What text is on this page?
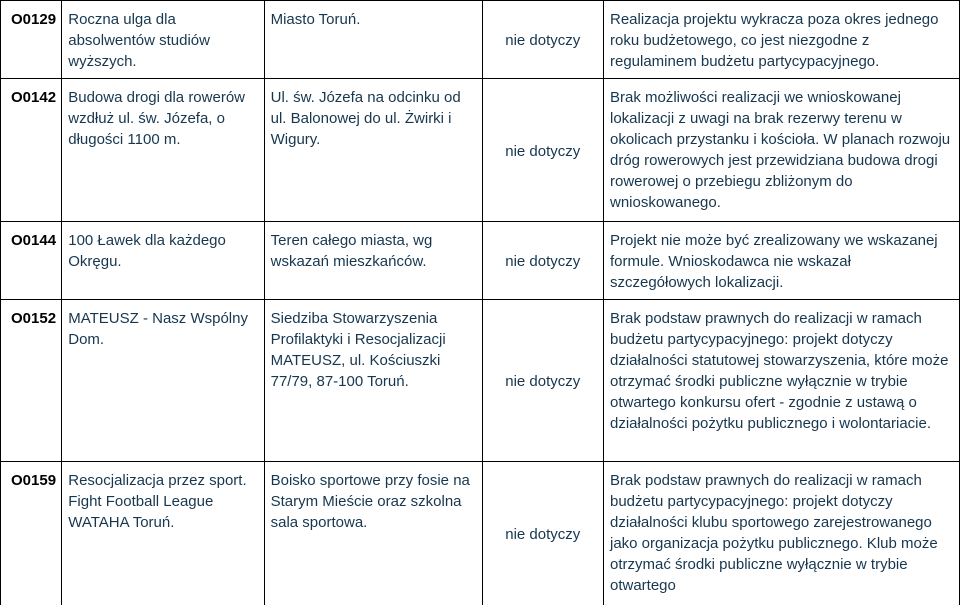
O0129	Roczna ulga dla absolwentów studiów wyższych.	Miasto Toruń.	nie dotyczy	Realizacja projektu wykracza poza okres jednego roku budżetowego, co jest niezgodne z regulaminem budżetu partycypacyjnego.
O0142	Budowa drogi dla rowerów wzdłuż ul. św. Józefa, o długości 1100 m.	Ul. św. Józefa na odcinku od ul. Balonowej do ul. Żwirki i Wigury.	nie dotyczy	Brak możliwości realizacji we wnioskowanej lokalizacji z uwagi na brak rezerwy terenu w okolicach przystanku i kościoła. W planach rozwoju dróg rowerowych jest przewidziana budowa drogi rowerowej o przebiegu zbliżonym do wnioskowanego.
O0144	100 Ławek dla każdego Okręgu.	Teren całego miasta, wg wskazań mieszkańców.	nie dotyczy	Projekt nie może być zrealizowany we wskazanej formule. Wnioskodawca nie wskazał szczegółowych lokalizacji.
O0152	MATEUSZ - Nasz Wspólny Dom.	Siedziba Stowarzyszenia Profilaktyki i Resocjalizacji MATEUSZ, ul. Kościuszki 77/79, 87-100 Toruń.	nie dotyczy	Brak podstaw prawnych do realizacji w ramach budżetu partycypacyjnego: projekt dotyczy działalności statutowej stowarzyszenia, które może otrzymać środki publiczne wyłącznie w trybie otwartego konkursu ofert - zgodnie z ustawą o działalności pożytku publicznego i wolontariacie.
O0159	Resocjalizacja przez sport. Fight Football League WATAHA Toruń.	Boisko sportowe przy fosie na Starym Mieście oraz szkolna sala sportowa.	nie dotyczy	Brak podstaw prawnych do realizacji w ramach budżetu partycypacyjnego: projekt dotyczy działalności klubu sportowego zarejestrowanego jako organizacja pożytku publicznego. Klub może otrzymać środki publiczne wyłącznie w trybie otwartego
